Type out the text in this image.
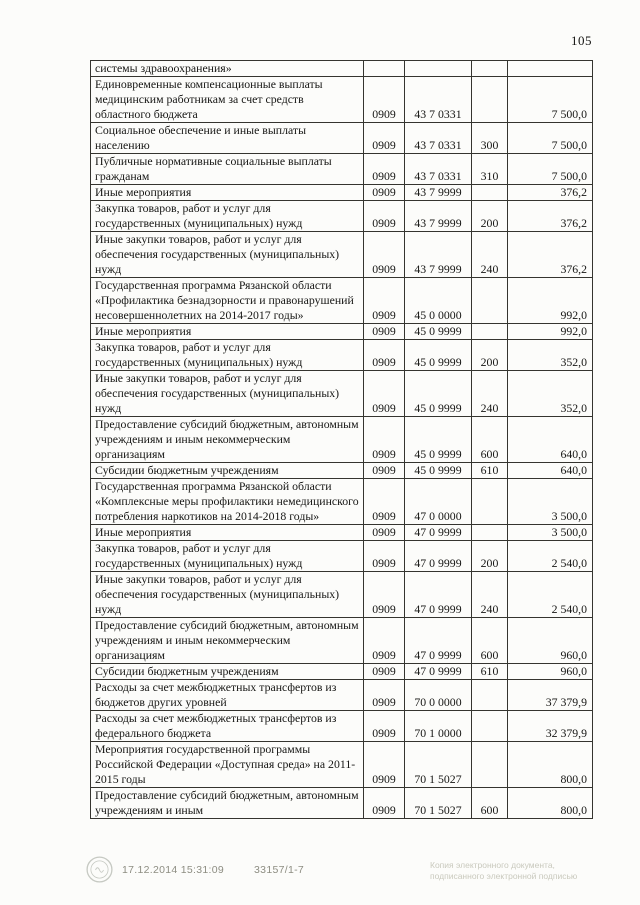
105
системы здравоохранения»				
Единовременные компенсационные выплаты медицинским работникам за счет средств областного бюджета	0909	43 7 0331		7 500,0
Социальное обеспечение и иные выплаты населению	0909	43 7 0331	300	7 500,0
Публичные нормативные социальные выплаты гражданам	0909	43 7 0331	310	7 500,0
Иные мероприятия	0909	43 7 9999		376,2
Закупка товаров, работ и услуг для государственных (муниципальных) нужд	0909	43 7 9999	200	376,2
Иные закупки товаров, работ и услуг для обеспечения государственных (муниципальных) нужд	0909	43 7 9999	240	376,2
Государственная программа Рязанской области «Профилактика безнадзорности и правонарушений несовершеннолетних на 2014-2017 годы»	0909	45 0 0000		992,0
Иные мероприятия	0909	45 0 9999		992,0
Закупка товаров, работ и услуг для государственных (муниципальных) нужд	0909	45 0 9999	200	352,0
Иные закупки товаров, работ и услуг для обеспечения государственных (муниципальных) нужд	0909	45 0 9999	240	352,0
Предоставление субсидий бюджетным, автономным учреждениям и иным некоммерческим организациям	0909	45 0 9999	600	640,0
Субсидии бюджетным учреждениям	0909	45 0 9999	610	640,0
Государственная программа Рязанской области «Комплексные меры профилактики немедицинского потребления наркотиков на 2014-2018 годы»	0909	47 0 0000		3 500,0
Иные мероприятия	0909	47 0 9999		3 500,0
Закупка товаров, работ и услуг для государственных (муниципальных) нужд	0909	47 0 9999	200	2 540,0
Иные закупки товаров, работ и услуг для обеспечения государственных (муниципальных) нужд	0909	47 0 9999	240	2 540,0
Предоставление субсидий бюджетным, автономным учреждениям и иным некоммерческим организациям	0909	47 0 9999	600	960,0
Субсидии бюджетным учреждениям	0909	47 0 9999	610	960,0
Расходы за счет межбюджетных трансфертов из бюджетов других уровней	0909	70 0 0000		37 379,9
Расходы за счет межбюджетных трансфертов из федерального бюджета	0909	70 1 0000		32 379,9
Мероприятия государственной программы Российской Федерации «Доступная среда» на 2011-2015 годы	0909	70 1 5027		800,0
Предоставление субсидий бюджетным, автономным учреждениям и иным	0909	70 1 5027	600	800,0
17.12.2014 15:31:09	33157/1-7	Копия электронного документа,
подписанного электронной подписью
